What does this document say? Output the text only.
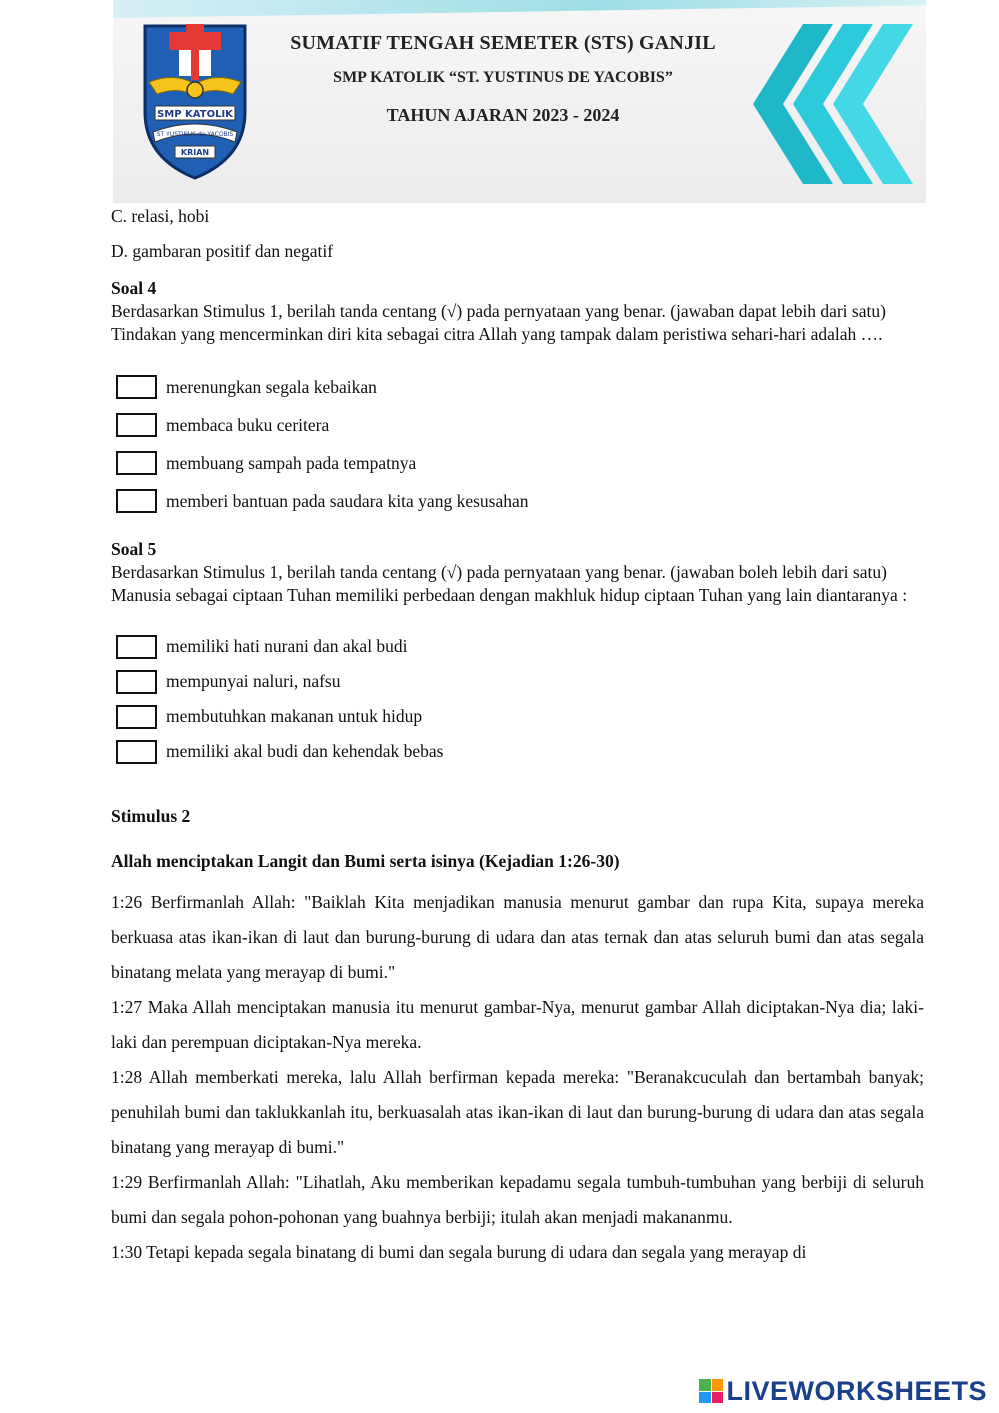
SMP KATOLIK
ST YUSTINUS de YACOBIS
KRIAN
SUMATIF TENGAH SEMETER (STS) GANJIL
SMP KATOLIK “ST. YUSTINUS DE YACOBIS”
TAHUN AJARAN 2023 - 2024

C. relasi, hobi

D. gambaran positif dan negatif

Soal 4

Berdasarkan Stimulus 1, berilah tanda centang (√) pada pernyataan yang benar. (jawaban dapat lebih dari satu)

Tindakan yang mencerminkan diri kita sebagai citra Allah yang tampak dalam peristiwa sehari-hari adalah ….

merenungkan segala kebaikan
membaca buku ceritera
membuang sampah pada tempatnya
memberi bantuan pada saudara kita yang kesusahan

Soal 5

Berdasarkan Stimulus 1, berilah tanda centang (√) pada pernyataan yang benar. (jawaban boleh lebih dari satu)

Manusia sebagai ciptaan Tuhan memiliki perbedaan dengan makhluk hidup ciptaan Tuhan yang lain diantaranya :

memiliki hati nurani dan akal budi
mempunyai naluri, nafsu
membutuhkan makanan untuk hidup
memiliki akal budi dan kehendak bebas

Stimulus 2

Allah menciptakan Langit dan Bumi serta isinya (Kejadian 1:26-30)

1:26 Berfirmanlah Allah: "Baiklah Kita menjadikan manusia menurut gambar dan rupa Kita, supaya mereka berkuasa atas ikan-ikan di laut dan burung-burung di udara dan atas ternak dan atas seluruh bumi dan atas segala binatang melata yang merayap di bumi."

1:27 Maka Allah menciptakan manusia itu menurut gambar-Nya, menurut gambar Allah diciptakan-Nya dia; laki-laki dan perempuan diciptakan-Nya mereka.

1:28 Allah memberkati mereka, lalu Allah berfirman kepada mereka: "Beranakcuculah dan bertambah banyak; penuhilah bumi dan taklukkanlah itu, berkuasalah atas ikan-ikan di laut dan burung-burung di udara dan atas segala binatang yang merayap di bumi."

1:29 Berfirmanlah Allah: "Lihatlah, Aku memberikan kepadamu segala tumbuh-tumbuhan yang berbiji di seluruh bumi dan segala pohon-pohonan yang buahnya berbiji; itulah akan menjadi makananmu.

1:30 Tetapi kepada segala binatang di bumi dan segala burung di udara dan segala yang merayap di

LIVEWORKSHEETS
